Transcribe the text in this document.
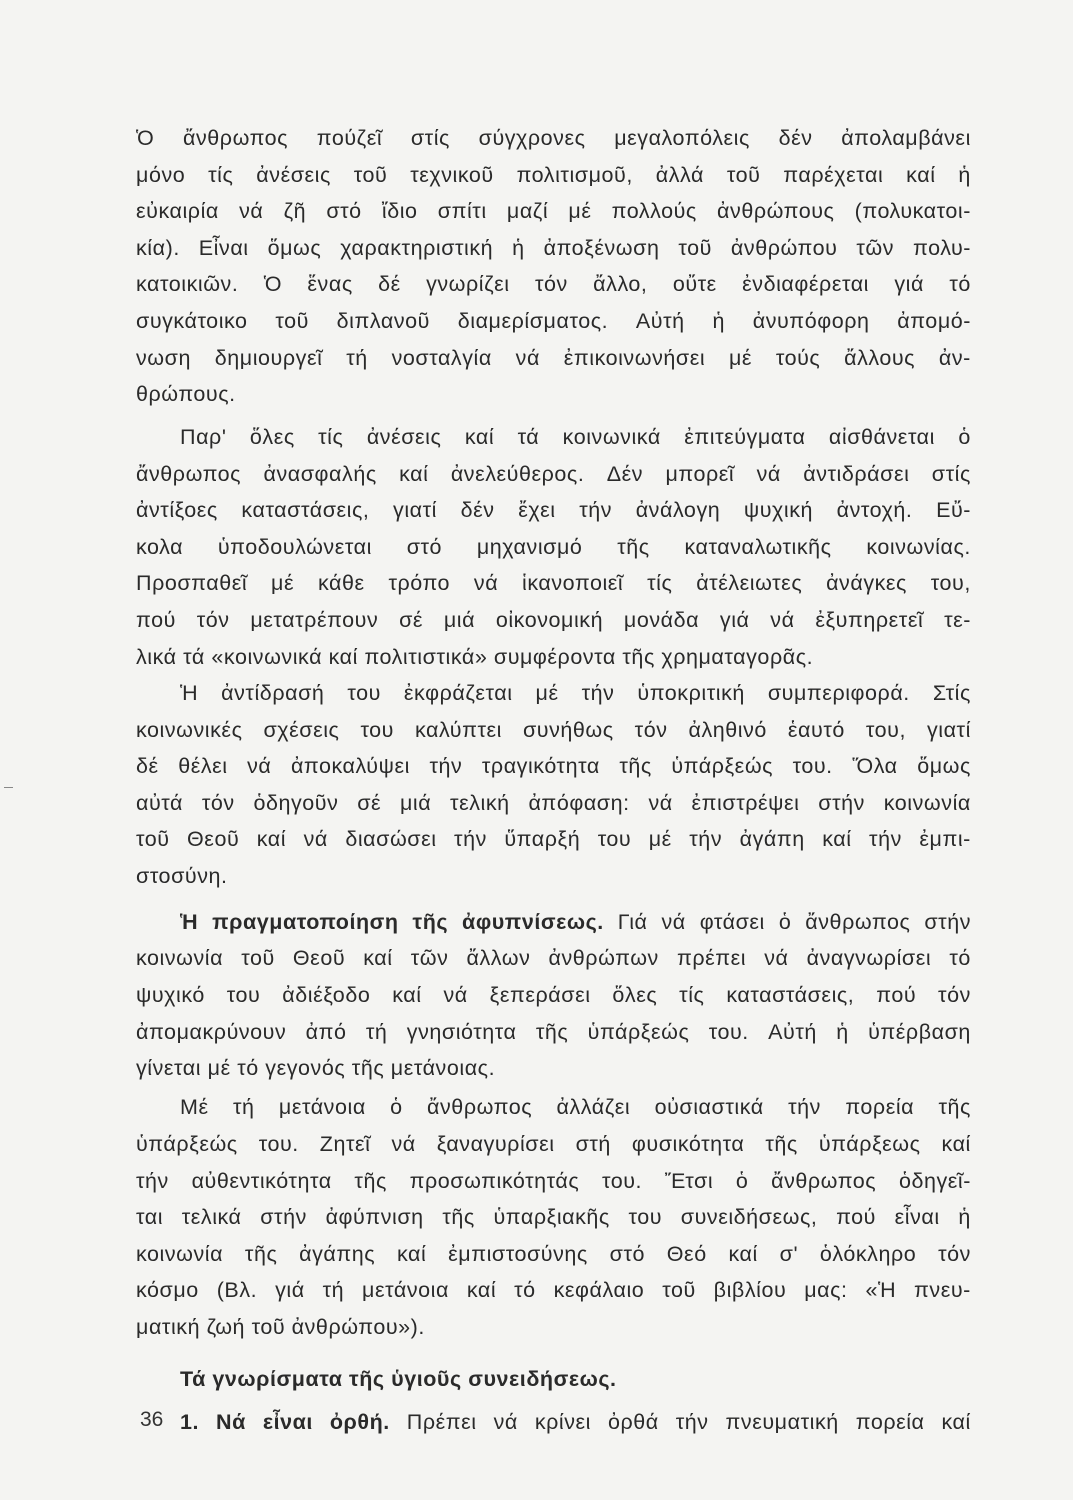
Ὁ ἄνθρωπος πούζεῖ στίς σύγχρονες μεγαλοπόλεις δέν ἀπολαμβάνει
μόνο τίς ἀνέσεις τοῦ τεχνικοῦ πολιτισμοῦ, ἀλλά τοῦ παρέχεται καί ἡ
εὐκαιρία νά ζῆ στό ἴδιο σπίτι μαζί μέ πολλούς ἀνθρώπους (πολυκατοι-
κία). Εἶναι ὅμως χαρακτηριστική ἡ ἀποξένωση τοῦ ἀνθρώπου τῶν πολυ-
κατοικιῶν. Ὁ ἕνας δέ γνωρίζει τόν ἄλλο, οὔτε ἐνδιαφέρεται γιά τό
συγκάτοικο τοῦ διπλανοῦ διαμερίσματος. Αὐτή ἡ ἀνυπόφορη ἀπομό-
νωση δημιουργεῖ τή νοσταλγία νά ἐπικοινωνήσει μέ τούς ἄλλους ἀν-
θρώπους.
Παρ' ὅλες τίς ἀνέσεις καί τά κοινωνικά ἐπιτεύγματα αἰσθάνεται ὁ
ἄνθρωπος ἀνασφαλής καί ἀνελεύθερος. Δέν μπορεῖ νά ἀντιδράσει στίς
ἀντίξοες καταστάσεις, γιατί δέν ἔχει τήν ἀνάλογη ψυχική ἀντοχή. Εὔ-
κολα ὑποδουλώνεται στό μηχανισμό τῆς καταναλωτικῆς κοινωνίας.
Προσπαθεῖ μέ κάθε τρόπο νά ἱκανοποιεῖ τίς ἀτέλειωτες ἀνάγκες του,
πού τόν μετατρέπουν σέ μιά οἰκονομική μονάδα γιά νά ἐξυπηρετεῖ τε-
λικά τά «κοινωνικά καί πολιτιστικά» συμφέροντα τῆς χρηματαγορᾶς.
Ἡ ἀντίδρασή του ἐκφράζεται μέ τήν ὑποκριτική συμπεριφορά. Στίς
κοινωνικές σχέσεις του καλύπτει συνήθως τόν ἀληθινό ἑαυτό του, γιατί
δέ θέλει νά ἀποκαλύψει τήν τραγικότητα τῆς ὑπάρξεώς του. Ὅλα ὅμως
αὐτά τόν ὁδηγοῦν σέ μιά τελική ἀπόφαση: νά ἐπιστρέψει στήν κοινωνία
τοῦ Θεοῦ καί νά διασώσει τήν ὕπαρξή του μέ τήν ἀγάπη καί τήν ἐμπι-
στοσύνη.
Ἡ πραγματοποίηση τῆς ἀφυπνίσεως. Γιά νά φτάσει ὁ ἄνθρωπος στήν
κοινωνία τοῦ Θεοῦ καί τῶν ἄλλων ἀνθρώπων πρέπει νά ἀναγνωρίσει τό
ψυχικό του ἀδιέξοδο καί νά ξεπεράσει ὅλες τίς καταστάσεις, πού τόν
ἀπομακρύνουν ἀπό τή γνησιότητα τῆς ὑπάρξεώς του. Αὐτή ἡ ὑπέρβαση
γίνεται μέ τό γεγονός τῆς μετάνοιας.
Μέ τή μετάνοια ὁ ἄνθρωπος ἀλλάζει οὐσιαστικά τήν πορεία τῆς
ὑπάρξεώς του. Ζητεῖ νά ξαναγυρίσει στή φυσικότητα τῆς ὑπάρξεως καί
τήν αὐθεντικότητα τῆς προσωπικότητάς του. Ἔτσι ὁ ἄνθρωπος ὁδηγεῖ-
ται τελικά στήν ἀφύπνιση τῆς ὑπαρξιακῆς του συνειδήσεως, πού εἶναι ἡ
κοινωνία τῆς ἀγάπης καί ἐμπιστοσύνης στό Θεό καί σ' ὁλόκληρο τόν
κόσμο (Βλ. γιά τή μετάνοια καί τό κεφάλαιο τοῦ βιβλίου μας: «Ἡ πνευ-
ματική ζωή τοῦ ἀνθρώπου»).
Τά γνωρίσματα τῆς ὑγιοῦς συνειδήσεως.
1. Νά εἶναι ὀρθή. Πρέπει νά κρίνει ὀρθά τήν πνευματική πορεία καί
36
